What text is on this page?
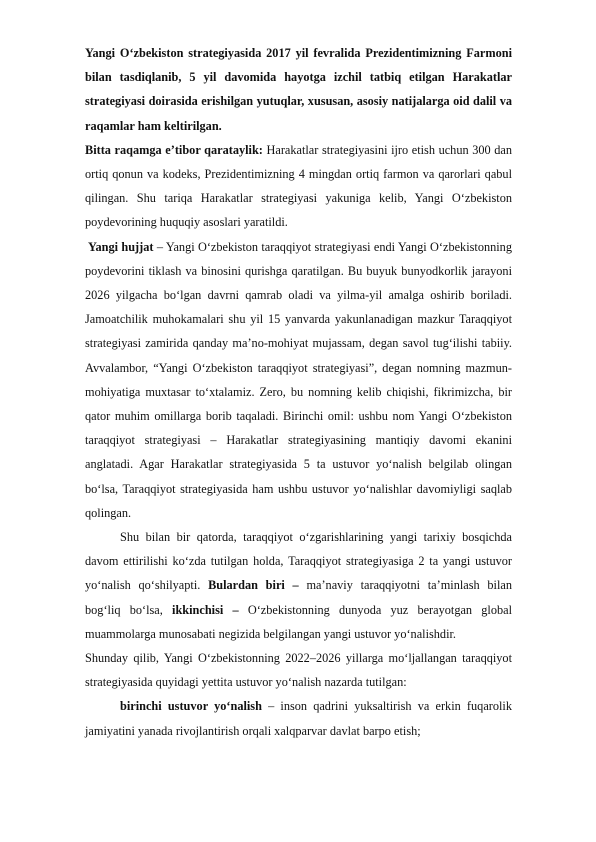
Yangi O‘zbekiston strategiyasida 2017 yil fevralida Prezidentimizning Farmoni bilan tasdiqlanib, 5 yil davomida hayotga izchil tatbiq etilgan Harakatlar strategiyasi doirasida erishilgan yutuqlar, xususan, asosiy natijalarga oid dalil va raqamlar ham keltirilgan.

Bitta raqamga e’tibor qarataylik: Harakatlar strategiyasini ijro etish uchun 300 dan ortiq qonun va kodeks, Prezidentimizning 4 mingdan ortiq farmon va qarorlari qabul qilingan. Shu tariqa Harakatlar strategiyasi yakuniga kelib, Yangi O‘zbekiston poydevorining huquqiy asoslari yaratildi.

Yangi hujjat – Yangi O‘zbekiston taraqqiyot strategiyasi endi Yangi O‘zbekistonning poydevorini tiklash va binosini qurishga qaratilgan. Bu buyuk bunyodkorlik jarayoni 2026 yilgacha bo‘lgan davrni qamrab oladi va yilma-yil amalga oshirib boriladi. Jamoatchilik muhokamalari shu yil 15 yanvarda yakunlanadigan mazkur Taraqqiyot strategiyasi zamirida qanday ma’no-mohiyat mujassam, degan savol tug‘ilishi tabiiy. Avvalambor, “Yangi O‘zbekiston taraqqiyot strategiyasi”, degan nomning mazmun-mohiyatiga muxtasar to‘xtalamiz. Zero, bu nomning kelib chiqishi, fikrimizcha, bir qator muhim omillarga borib taqaladi. Birinchi omil: ushbu nom Yangi O‘zbekiston taraqqiyot strategiyasi – Harakatlar strategiyasining mantiqiy davomi ekanini anglatadi. Agar Harakatlar strategiyasida 5 ta ustuvor yo‘nalish belgilab olingan bo‘lsa, Taraqqiyot strategiyasida ham ushbu ustuvor yo‘nalishlar davomiyligi saqlab qolingan.

Shu bilan bir qatorda, taraqqiyot o‘zgarishlarining yangi tarixiy bosqichda davom ettirilishi ko‘zda tutilgan holda, Taraqqiyot strategiyasiga 2 ta yangi ustuvor yo‘nalish qo‘shilyapti. Bulardan biri – ma’naviy taraqqiyotni ta’minlash bilan bog‘liq bo‘lsa, ikkinchisi – O‘zbekistonning dunyoda yuz berayotgan global muammolarga munosabati negizida belgilangan yangi ustuvor yo‘nalishdir.

Shunday qilib, Yangi O‘zbekistonning 2022–2026 yillarga mo‘ljallangan taraqqiyot strategiyasida quyidagi yettita ustuvor yo‘nalish nazarda tutilgan:

birinchi ustuvor yo‘nalish – inson qadrini yuksaltirish va erkin fuqarolik jamiyatini yanada rivojlantirish orqali xalqparvar davlat barpo etish;
